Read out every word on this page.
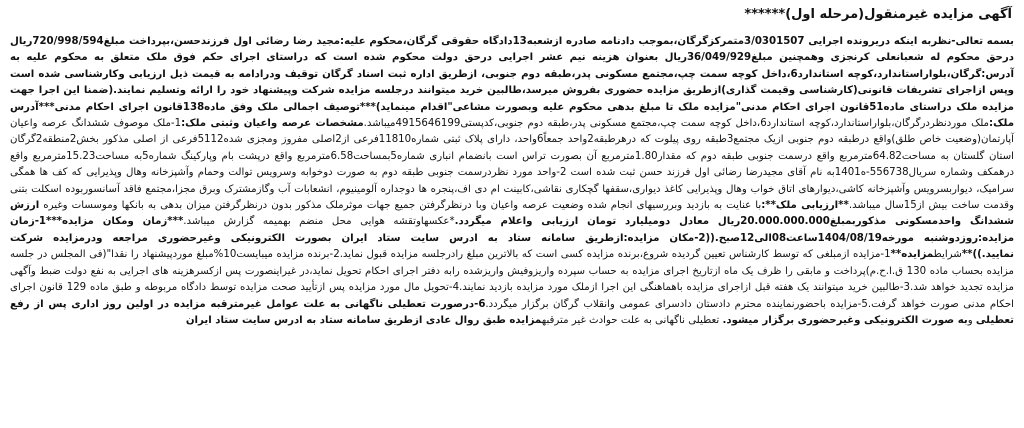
آگهی مزایده غیرمنقول(مرحله اول)******

بسمه تعالی-نظربه اینکه دریرونده اجرایی 3/0301507متمرکزگرگان،بموجب دادنامه صادره ازشعبه13دادگاه حقوقی گرگان،محکوم علیه:مجید رضا رضائی اول فرزندحسن،بپرداخت مبلغ720/998/594ریال درحق محکوم له شعبانعلی کرنجزی وهمچنین مبلغ36/049/929ریال بعنوان هزینه نیم عشر اجرایی درحق دولت محکوم شده است که دراستای اجرای حکم فوق ملک متعلق به محکوم علیه به آدرس:گرگان،بلواراستاندارد،کوچه استاندارد6،داخل کوچه سمت چپ،مجتمع مسکونی پدر،طبقه دوم جنوبی، ازطریق اداره ثبت اسناد گرگان توقیف ودرادامه به قیمت ذیل ارزیابی وکارشناسی شده است وپس ازاجرای تشریفات قانونی(کارشناسی وقیمت گذاری)ازطریق مزایده حضوری بفروش میرسد،طالبین خرید میتوانند درجلسه مزایده شرکت وپیشنهاد خود را ارائه وتسلیم نمایند.(ضمنا این اجرا جهت مزایده ملک دراستای ماده51قانون اجرای احکام مدنی"مزایده ملک تا مبلغ بدهی محکوم علیه وبصورت مشاعی"اقدام مینماید)***توصیف اجمالی ملک وفق ماده138قانون اجرای احکام مدنی***آدرس ملک:ملک موردنظردرگرگان،بلواراستاندارد،کوچه استاندارد6،داخل کوچه سمت چپ،مجتمع مسکونی پدر،طبقه دوم جنوبی،کدپستی4915646199میباشد.مشخصات عرصه واعیان وثبتی ملک:1-ملک موصوف ششدانگ عرصه واعیان آپارتمان(وضعیت خاص طلق)واقع درطبقه دوم جنوبی ازیک مجتمع3طبقه روی پیلوت که درهرطبقه2واحد جمعاً6واحد، دارای پلاک ثبتی شماره11810فرعی از2اصلی مفروز ومجزی شده5112فرعی از اصلی مذکور بخش2منطقه2گرگان استان گلستان به مساحت64.82مترمربع واقع درسمت جنوبی طبقه دوم که مقدار1.80مترمربع آن بصورت تراس است بانضمام انباری شماره5بمساحت6.58مترمربع واقع درپشت بام وپارکینگ شماره5به مساحت15.23مترمربع واقع درهمکف وشماره سریال556738-ه1401به نام آقای مجیدرضا رضائی اول فرزند حسن ثبت شده است 2-واحد مورد نظردرسمت جنوبی طبقه دوم به صورت دوخوابه وسرویس توالت وحمام وآشپزخانه وهال وپذیرایی که کف ها همگی سرامیک، دیواربسرویس وآشپزخانه کاشی،دیوارهای اتاق خواب وهال وپذیرایی کاغذ دیواری،سقفها گچکاری نقاشی،کابینت ام دی اف،پنجره ها دوجداره آلومینیوم، انشعابات آب وگازمشترک وبرق مجزا،مجتمع فاقد آسانسوربوده اسکلت بتنی وقدمت ساخت بیش از15سال میباشد.**ارزیابی ملک**:با عنایت به بازدید وبررسیهای انجام شده وضعیت عرصه واعیان وبا درنظرگرفتن جمیع جهات موثرملک مذکور بدون درنظرگرفتن میزان بدهی به بانکها وموسسات وغیره ارزش ششدانگ واحدمسکونی مذکوربمبلغ20.000.000.000ریال معادل دومیلیارد تومان ارزیابی واعلام میگردد.*عکسهاوتقشه هوایی محل منضم بهمیمه گزارش میباشد.***زمان ومکان مزایده***1-زمان مزایده:روزدوشنبه مورخه1404/08/19ساعت08الی12صبح.((2-مکان مزایده:ازطریق سامانه ستاد به ادرس سایت ستاد ایران بصورت الکترونیکی وغیرحضوری مراجعه ودرمزایده شرکت نمایید.))**شرایطمزایده**1-مزایده ازمبلغی که توسط کارشناس تعیین گردیده شروع،برنده مزایده کسی است که بالاترین مبلغ رادرجلسه مزایده قبول نماید.2-برنده مزایده میبایست10%مبلغ موردپیشنهاد را نقدا"(فی المجلس در جلسه مزایده بحساب ماده 130 ق.ا.ح.م)پرداخت و مابقی را ظرف یک ماه ازتاریخ اجرای مزایده به حساب سپرده واریزوفیش واریزشده رابه دفتر اجرای احکام تحویل نماید،در غیراینصورت پس ازکسرهزینه های اجرایی به نفع دولت ضبط وآگهی مزایده تجدید خواهد شد.3-طالبین خرید میتوانند یک هفته قبل ازاجرای مزایده باهماهنگی این اجرا ازملک مورد مزایده بازدید نمایند.4-تحویل مال مورد مزایده پس ازتأیید صحت مزایده توسط دادگاه مربوطه و طبق ماده 129 قانون اجرای احکام مدنی صورت خواهد گرفت.5-مزایده باحضورنماینده محترم دادستان دادسرای عمومی وانقلاب گرگان برگزار میگردد.6-درصورت تعطیلی ناگهانی به علت عوامل غیرمترقبه مزایده در اولین روز اداری پس از رفع تعطیلی وبه صورت الکترونیکی وغیرحضوری برگزار میشود. تعطیلی ناگهانی به علت حوادث غیر مترقبهمزایده طبق روال عادی ازطریق سامانه ستاد به ادرس سایت ستاد ایران
